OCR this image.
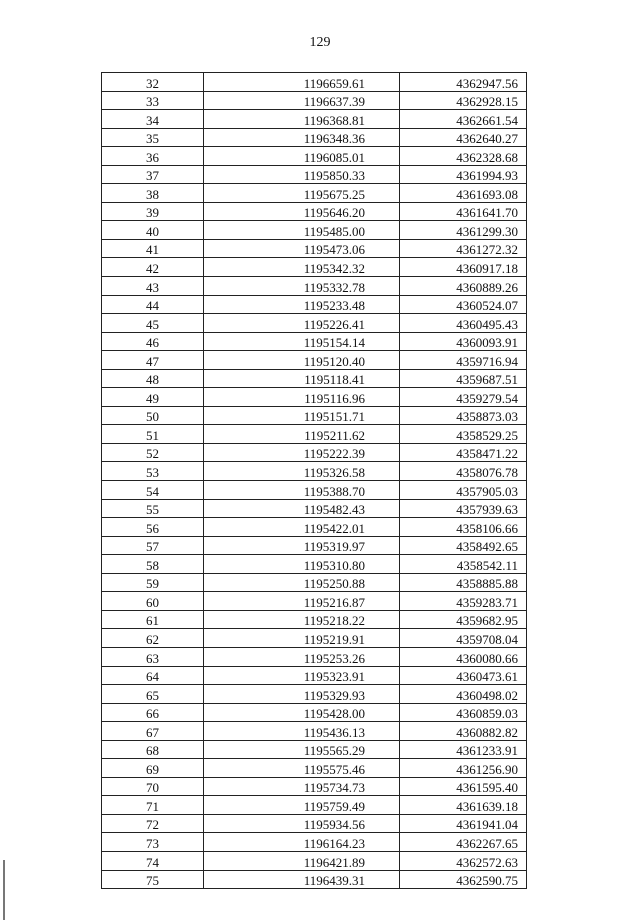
129
32	1196659.61	4362947.56
33	1196637.39	4362928.15
34	1196368.81	4362661.54
35	1196348.36	4362640.27
36	1196085.01	4362328.68
37	1195850.33	4361994.93
38	1195675.25	4361693.08
39	1195646.20	4361641.70
40	1195485.00	4361299.30
41	1195473.06	4361272.32
42	1195342.32	4360917.18
43	1195332.78	4360889.26
44	1195233.48	4360524.07
45	1195226.41	4360495.43
46	1195154.14	4360093.91
47	1195120.40	4359716.94
48	1195118.41	4359687.51
49	1195116.96	4359279.54
50	1195151.71	4358873.03
51	1195211.62	4358529.25
52	1195222.39	4358471.22
53	1195326.58	4358076.78
54	1195388.70	4357905.03
55	1195482.43	4357939.63
56	1195422.01	4358106.66
57	1195319.97	4358492.65
58	1195310.80	4358542.11
59	1195250.88	4358885.88
60	1195216.87	4359283.71
61	1195218.22	4359682.95
62	1195219.91	4359708.04
63	1195253.26	4360080.66
64	1195323.91	4360473.61
65	1195329.93	4360498.02
66	1195428.00	4360859.03
67	1195436.13	4360882.82
68	1195565.29	4361233.91
69	1195575.46	4361256.90
70	1195734.73	4361595.40
71	1195759.49	4361639.18
72	1195934.56	4361941.04
73	1196164.23	4362267.65
74	1196421.89	4362572.63
75	1196439.31	4362590.75
